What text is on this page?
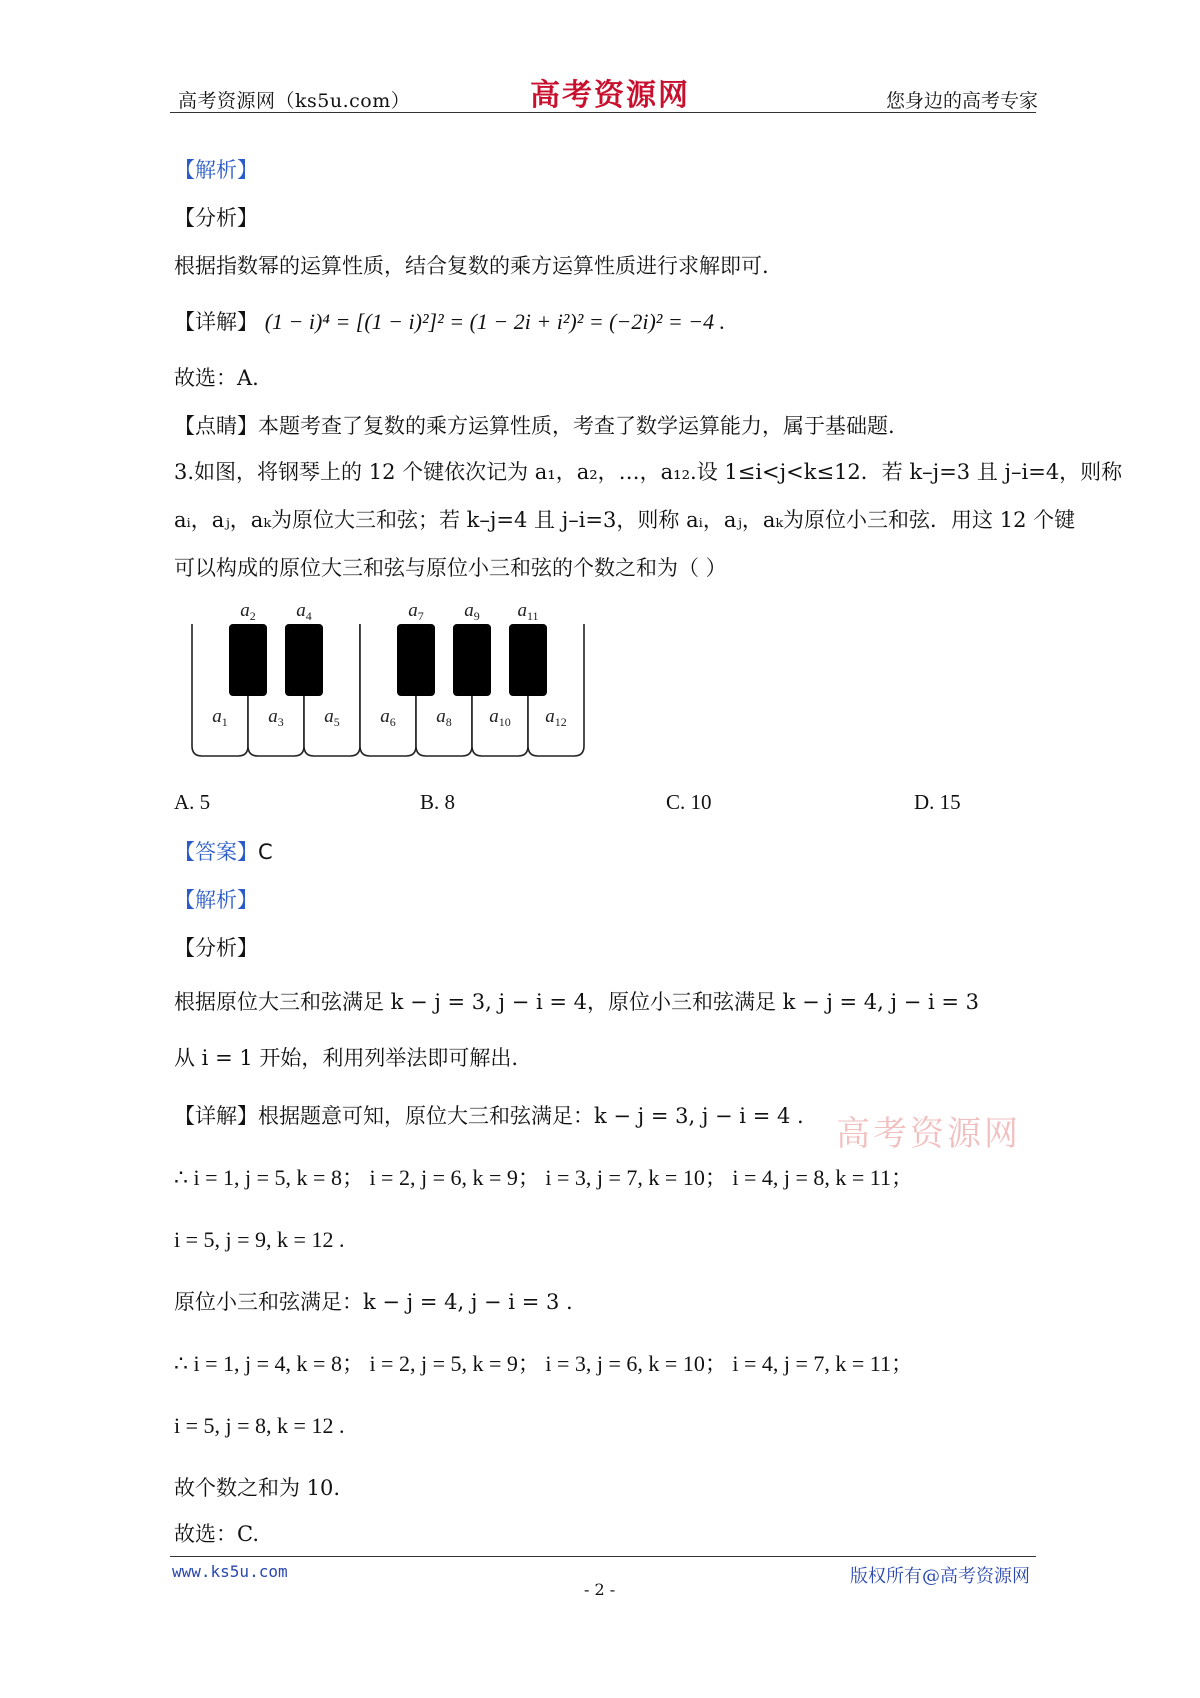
高考资源网（ks5u.com）	高考资源网	您身边的高考专家
【解析】
【分析】
根据指数幂的运算性质，结合复数的乘方运算性质进行求解即可.
【详解】 (1 − i)⁴ = [(1 − i)²]² = (1 − 2i + i²)² = (−2i)² = −4 .
故选：A.
【点睛】本题考查了复数的乘方运算性质，考查了数学运算能力，属于基础题.
3.如图，将钢琴上的 12 个键依次记为 a₁，a₂，…，a₁₂.设 1≤i<j<k≤12．若 k–j=3 且 j–i=4，则称
aᵢ，aⱼ，aₖ为原位大三和弦；若 k–j=4 且 j–i=3，则称 aᵢ，aⱼ，aₖ为原位小三和弦．用这 12 个键
可以构成的原位大三和弦与原位小三和弦的个数之和为（ ）
$a_1$ $a_3$ $a_5$ $a_6$ $a_8$ $a_{10}$ $a_{12}$
$a_2$ $a_4$	$a_7$ $a_9$ $a_{11}$
A. 5	B. 8	C. 10	D. 15
【答案】C
【解析】
【分析】
根据原位大三和弦满足 k − j = 3, j − i = 4，原位小三和弦满足 k − j = 4, j − i = 3
从 i = 1 开始，利用列举法即可解出.
【详解】根据题意可知，原位大三和弦满足：k − j = 3, j − i = 4 . 高考资源网
∴ i = 1, j = 5, k = 8； i = 2, j = 6, k = 9； i = 3, j = 7, k = 10； i = 4, j = 8, k = 11；
i = 5, j = 9, k = 12 .
原位小三和弦满足：k − j = 4, j − i = 3 .
∴ i = 1, j = 4, k = 8； i = 2, j = 5, k = 9； i = 3, j = 6, k = 10； i = 4, j = 7, k = 11；
i = 5, j = 8, k = 12 .
故个数之和为 10.
故选：C.
www.ks5u.com
- 2 -
版权所有@高考资源网
